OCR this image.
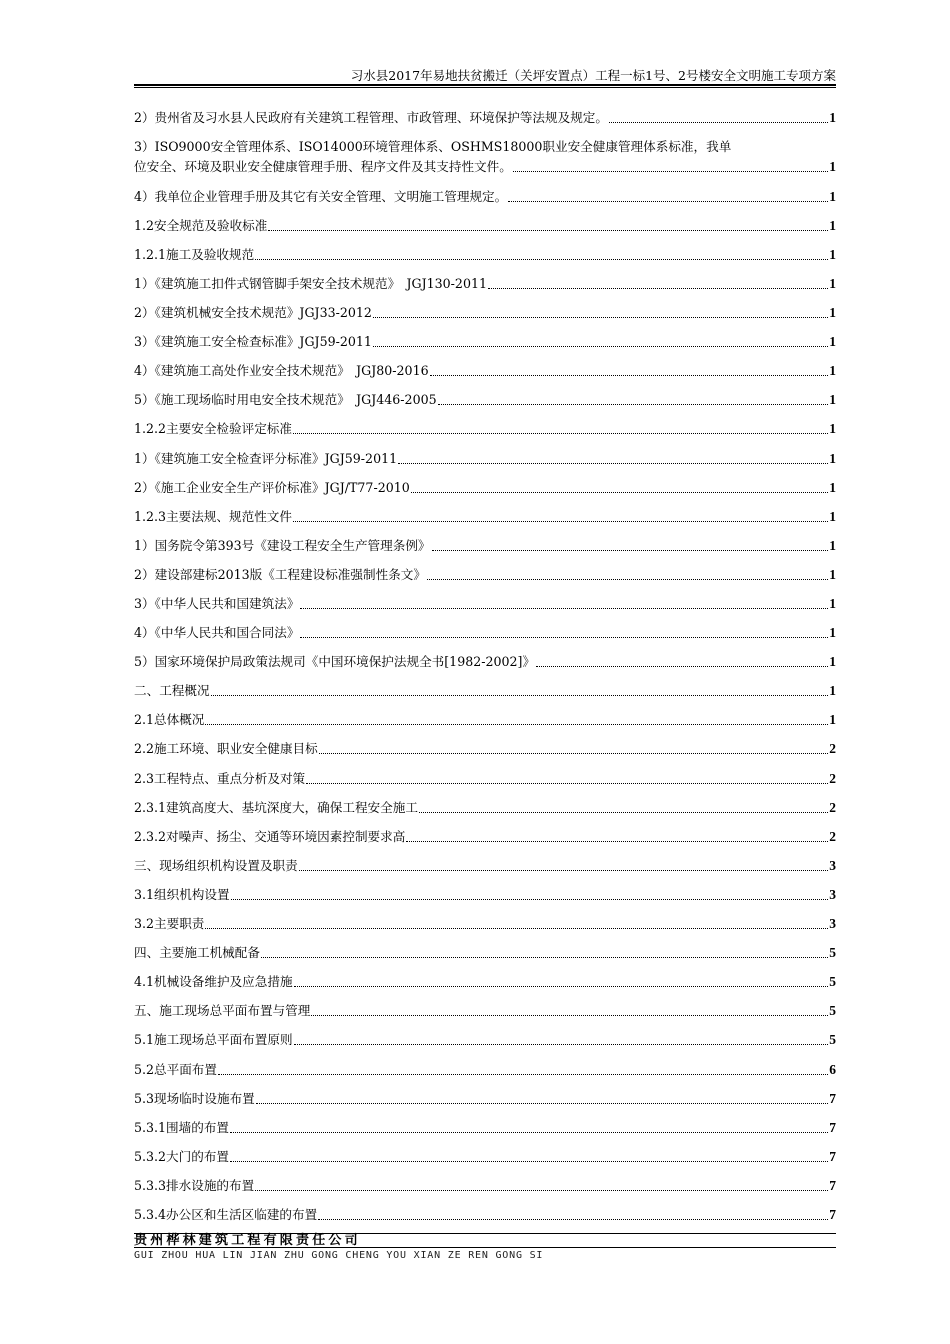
习水县2017年易地扶贫搬迁（关坪安置点）工程一标1号、2号楼安全文明施工专项方案
2）贵州省及习水县人民政府有关建筑工程管理、市政管理、环境保护等法规及规定。	1
3）ISO9000安全管理体系、ISO14000环境管理体系、OSHMS18000职业安全健康管理体系标准，我单
位安全、环境及职业安全健康管理手册、程序文件及其支持性文件。	1
4）我单位企业管理手册及其它有关安全管理、文明施工管理规定。	1
1.2安全规范及验收标准	1
1.2.1施工及验收规范	1
1）《建筑施工扣件式钢管脚手架安全技术规范》　JGJ130-2011	1
2）《建筑机械安全技术规范》JGJ33-2012	1
3）《建筑施工安全检查标准》JGJ59-2011	1
4）《建筑施工高处作业安全技术规范》　JGJ80-2016	1
5）《施工现场临时用电安全技术规范》　JGJ446-2005	1
1.2.2主要安全检验评定标准	1
1）《建筑施工安全检查评分标准》JGJ59-2011	1
2）《施工企业安全生产评价标准》JGJ/T77-2010	1
1.2.3主要法规、规范性文件	1
1）国务院令第393号《建设工程安全生产管理条例》	1
2）建设部建标2013版《工程建设标准强制性条文》	1
3）《中华人民共和国建筑法》	1
4）《中华人民共和国合同法》	1
5）国家环境保护局政策法规司《中国环境保护法规全书[1982-2002]》	1
二、工程概况	1
2.1总体概况	1
2.2施工环境、职业安全健康目标	2
2.3工程特点、重点分析及对策	2
2.3.1建筑高度大、基坑深度大，确保工程安全施工	2
2.3.2对噪声、扬尘、交通等环境因素控制要求高	2
三、现场组织机构设置及职责	3
3.1组织机构设置	3
3.2主要职责	3
四、主要施工机械配备	5
4.1机械设备维护及应急措施	5
五、施工现场总平面布置与管理	5
5.1施工现场总平面布置原则	5
5.2总平面布置	6
5.3现场临时设施布置	7
5.3.1围墙的布置	7
5.3.2大门的布置	7
5.3.3排水设施的布置	7
5.3.4办公区和生活区临建的布置	7
贵州桦林建筑工程有限责任公司
GUI ZHOU HUA LIN JIAN ZHU GONG CHENG YOU XIAN ZE REN GONG SI
